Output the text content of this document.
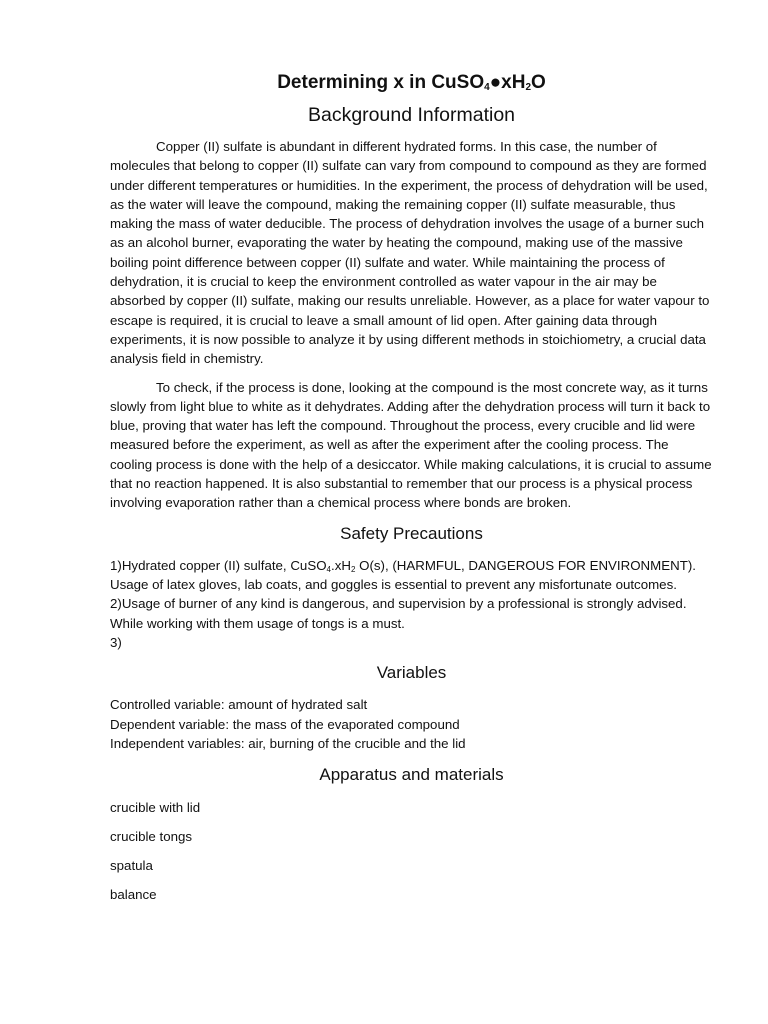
Determining x in $CuSO_4●xH_2O$
Background Information

Copper (II) sulfate is abundant in different hydrated forms. In this case, the number of molecules that belong to copper (II) sulfate can vary from compound to compound as they are formed under different temperatures or humidities. In the experiment, the process of dehydration will be used, as the water will leave the compound, making the remaining copper (II) sulfate measurable, thus making the mass of water deducible. The process of dehydration involves the usage of a burner such as an alcohol burner, evaporating the water by heating the compound, making use of the massive boiling point difference between copper (II) sulfate and water. While maintaining the process of dehydration, it is crucial to keep the environment controlled as water vapour in the air may be absorbed by copper (II) sulfate, making our results unreliable. However, as a place for water vapour to escape is required, it is crucial to leave a small amount of lid open. After gaining data through experiments, it is now possible to analyze it by using different methods in stoichiometry, a crucial data analysis field in chemistry.

To check, if the process is done, looking at the compound is the most concrete way, as it turns slowly from light blue to white as it dehydrates. Adding after the dehydration process will turn it back to blue, proving that water has left the compound. Throughout the process, every crucible and lid were measured before the experiment, as well as after the experiment after the cooling process. The cooling process is done with the help of a desiccator. While making calculations, it is crucial to assume that no reaction happened. It is also substantial to remember that our process is a physical process involving evaporation rather than a chemical process where bonds are broken.

Safety Precautions

1)Hydrated copper (II) sulfate, $CuSO_4.xH_2$ O(s), (HARMFUL, DANGEROUS FOR ENVIRONMENT). Usage of latex gloves, lab coats, and goggles is essential to prevent any misfortunate outcomes.

2)Usage of burner of any kind is dangerous, and supervision by a professional is strongly advised. While working with them usage of tongs is a must.

3)

Variables

Controlled variable: amount of hydrated salt

Dependent variable: the mass of the evaporated compound

Independent variables: air, burning of the crucible and the lid

Apparatus and materials

crucible with lid

crucible tongs

spatula

balance
